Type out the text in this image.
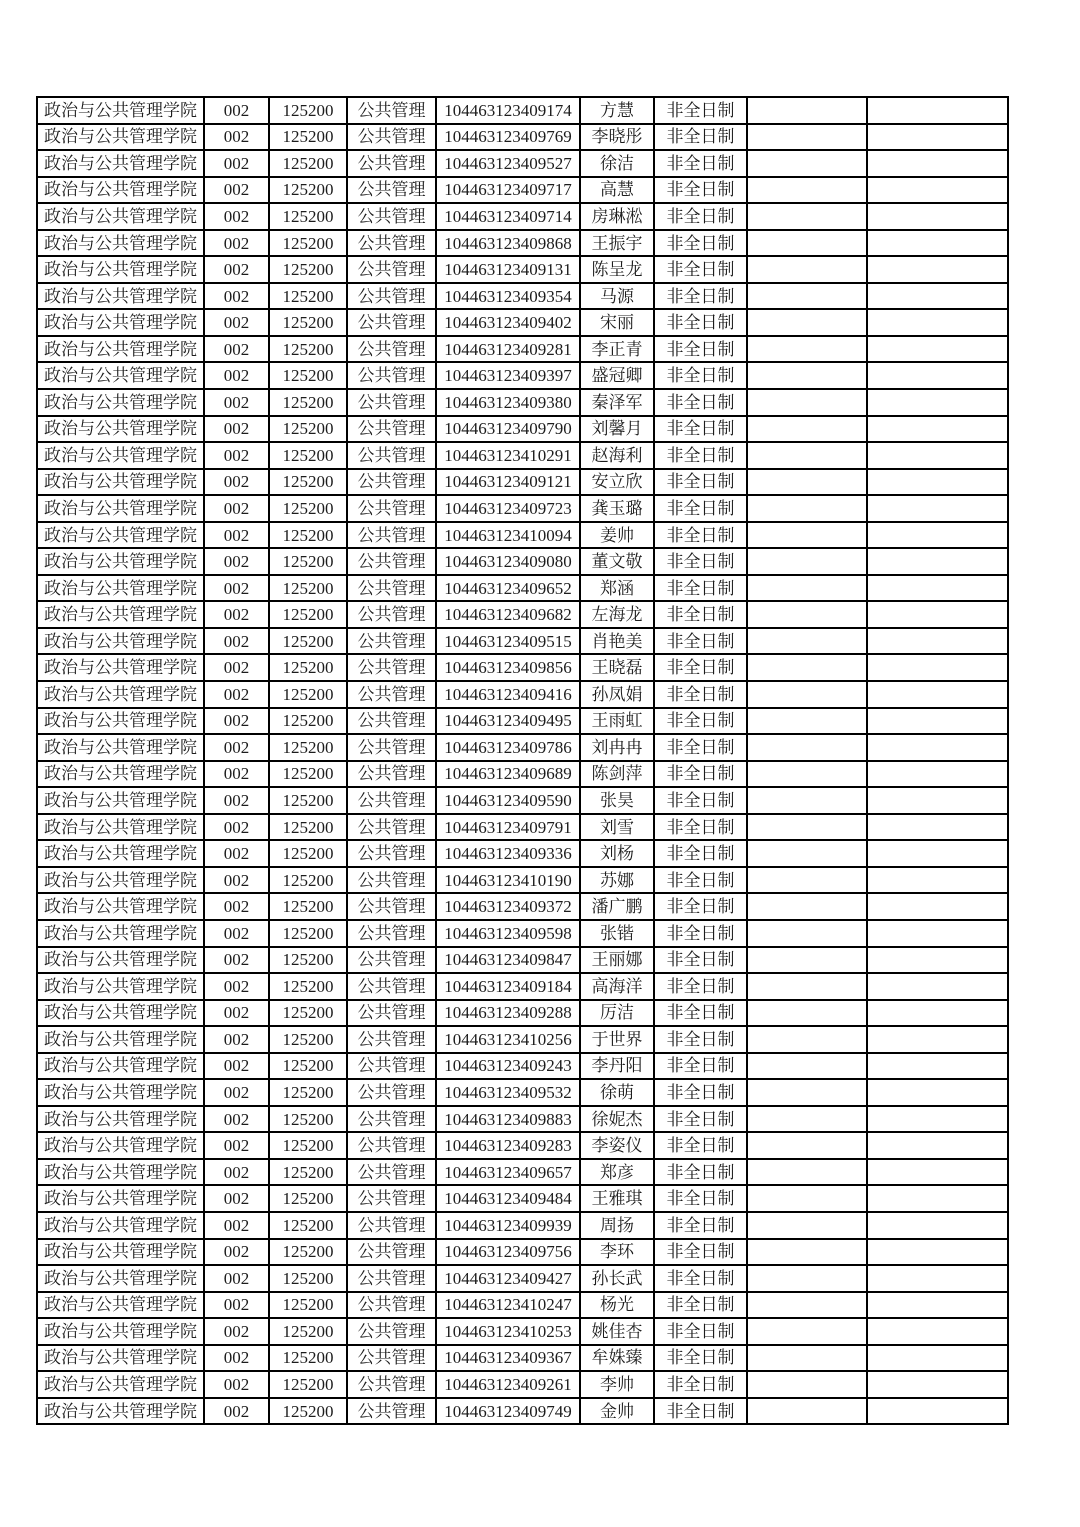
政治与公共管理学院	002	125200	公共管理	104463123409174	方慧	非全日制		
政治与公共管理学院	002	125200	公共管理	104463123409769	李晓彤	非全日制		
政治与公共管理学院	002	125200	公共管理	104463123409527	徐洁	非全日制		
政治与公共管理学院	002	125200	公共管理	104463123409717	高慧	非全日制		
政治与公共管理学院	002	125200	公共管理	104463123409714	房琳淞	非全日制		
政治与公共管理学院	002	125200	公共管理	104463123409868	王振宇	非全日制		
政治与公共管理学院	002	125200	公共管理	104463123409131	陈呈龙	非全日制		
政治与公共管理学院	002	125200	公共管理	104463123409354	马源	非全日制		
政治与公共管理学院	002	125200	公共管理	104463123409402	宋丽	非全日制		
政治与公共管理学院	002	125200	公共管理	104463123409281	李正青	非全日制		
政治与公共管理学院	002	125200	公共管理	104463123409397	盛冠卿	非全日制		
政治与公共管理学院	002	125200	公共管理	104463123409380	秦泽军	非全日制		
政治与公共管理学院	002	125200	公共管理	104463123409790	刘馨月	非全日制		
政治与公共管理学院	002	125200	公共管理	104463123410291	赵海利	非全日制		
政治与公共管理学院	002	125200	公共管理	104463123409121	安立欣	非全日制		
政治与公共管理学院	002	125200	公共管理	104463123409723	龚玉璐	非全日制		
政治与公共管理学院	002	125200	公共管理	104463123410094	姜帅	非全日制		
政治与公共管理学院	002	125200	公共管理	104463123409080	董文敬	非全日制		
政治与公共管理学院	002	125200	公共管理	104463123409652	郑涵	非全日制		
政治与公共管理学院	002	125200	公共管理	104463123409682	左海龙	非全日制		
政治与公共管理学院	002	125200	公共管理	104463123409515	肖艳美	非全日制		
政治与公共管理学院	002	125200	公共管理	104463123409856	王晓磊	非全日制		
政治与公共管理学院	002	125200	公共管理	104463123409416	孙凤娟	非全日制		
政治与公共管理学院	002	125200	公共管理	104463123409495	王雨虹	非全日制		
政治与公共管理学院	002	125200	公共管理	104463123409786	刘冉冉	非全日制		
政治与公共管理学院	002	125200	公共管理	104463123409689	陈剑萍	非全日制		
政治与公共管理学院	002	125200	公共管理	104463123409590	张昊	非全日制		
政治与公共管理学院	002	125200	公共管理	104463123409791	刘雪	非全日制		
政治与公共管理学院	002	125200	公共管理	104463123409336	刘杨	非全日制		
政治与公共管理学院	002	125200	公共管理	104463123410190	苏娜	非全日制		
政治与公共管理学院	002	125200	公共管理	104463123409372	潘广鹏	非全日制		
政治与公共管理学院	002	125200	公共管理	104463123409598	张锴	非全日制		
政治与公共管理学院	002	125200	公共管理	104463123409847	王丽娜	非全日制		
政治与公共管理学院	002	125200	公共管理	104463123409184	高海洋	非全日制		
政治与公共管理学院	002	125200	公共管理	104463123409288	厉洁	非全日制		
政治与公共管理学院	002	125200	公共管理	104463123410256	于世界	非全日制		
政治与公共管理学院	002	125200	公共管理	104463123409243	李丹阳	非全日制		
政治与公共管理学院	002	125200	公共管理	104463123409532	徐萌	非全日制		
政治与公共管理学院	002	125200	公共管理	104463123409883	徐妮杰	非全日制		
政治与公共管理学院	002	125200	公共管理	104463123409283	李姿仪	非全日制		
政治与公共管理学院	002	125200	公共管理	104463123409657	郑彦	非全日制		
政治与公共管理学院	002	125200	公共管理	104463123409484	王雅琪	非全日制		
政治与公共管理学院	002	125200	公共管理	104463123409939	周扬	非全日制		
政治与公共管理学院	002	125200	公共管理	104463123409756	李环	非全日制		
政治与公共管理学院	002	125200	公共管理	104463123409427	孙长武	非全日制		
政治与公共管理学院	002	125200	公共管理	104463123410247	杨光	非全日制		
政治与公共管理学院	002	125200	公共管理	104463123410253	姚佳杏	非全日制		
政治与公共管理学院	002	125200	公共管理	104463123409367	牟姝臻	非全日制		
政治与公共管理学院	002	125200	公共管理	104463123409261	李帅	非全日制		
政治与公共管理学院	002	125200	公共管理	104463123409749	金帅	非全日制		
